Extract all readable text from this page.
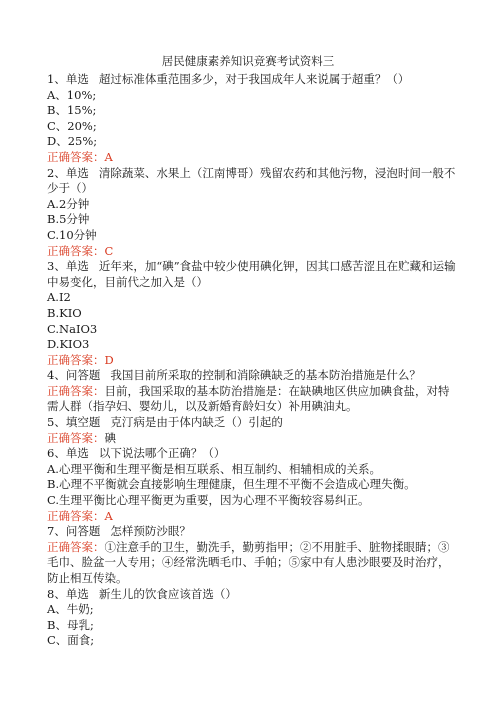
居民健康素养知识竞赛考试资料三
1、单选 超过标准体重范围多少，对于我国成年人来说属于超重？（）
A、10%;
B、15%;
C、20%;
D、25%;
正确答案：A
2、单选 清除蔬菜、水果上（江南博哥）残留农药和其他污物，浸泡时间一般不少于（）
A.2分钟
B.5分钟
C.10分钟
正确答案：C
3、单选 近年来，加“碘”食盐中较少使用碘化钾，因其口感苦涩且在贮藏和运输中易变化，目前代之加入是（）
A.I2
B.KIO
C.NaIO3
D.KIO3
正确答案：D
4、问答题 我国目前所采取的控制和消除碘缺乏的基本防治措施是什么？
正确答案：目前，我国采取的基本防治措施是：在缺碘地区供应加碘食盐，对特需人群（指孕妇、婴幼儿，以及新婚育龄妇女）补用碘油丸。
5、填空题 克汀病是由于体内缺乏（）引起的
正确答案：碘
6、单选 以下说法哪个正确？（）
A.心理平衡和生理平衡是相互联系、相互制约、相辅相成的关系。
B.心理不平衡就会直接影响生理健康，但生理不平衡不会造成心理失衡。
C.生理平衡比心理平衡更为重要，因为心理不平衡较容易纠正。
正确答案：A
7、问答题 怎样预防沙眼？
正确答案：①注意手的卫生，勤洗手，勤剪指甲；②不用脏手、脏物揉眼睛；③毛巾、脸盆一人专用；④经常洗晒毛巾、手帕；⑤家中有人患沙眼要及时治疗，防止相互传染。
8、单选 新生儿的饮食应该首选（）
A、牛奶;
B、母乳;
C、面食;
